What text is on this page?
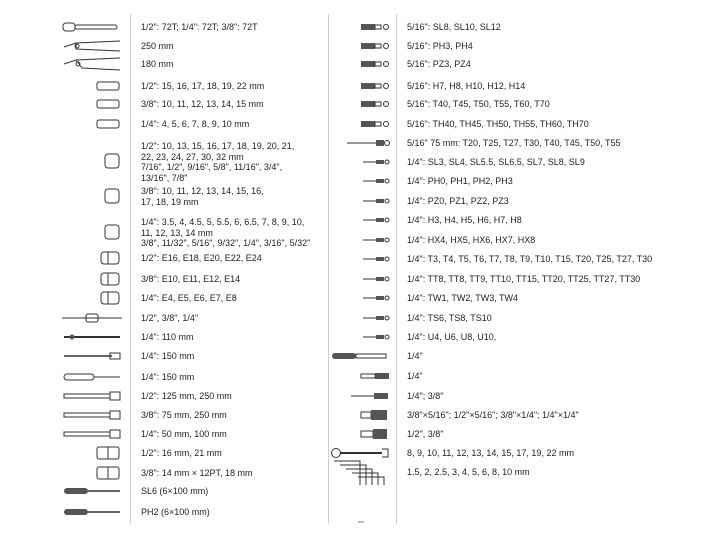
1/2": 72T; 1/4": 72T; 3/8": 72T
250 mm
180 mm
1/2": 15, 16, 17, 18, 19, 22 mm
3/8": 10, 11, 12, 13, 14, 15 mm
1/4": 4, 5, 6, 7, 8, 9, 10 mm
1/2": 10, 13, 15, 16, 17, 18, 19, 20, 21,
22, 23, 24, 27, 30, 32 mm
7/16", 1/2", 9/16", 5/8", 11/16", 3/4",
13/16", 7/8"
3/8": 10, 11, 12, 13, 14, 15, 16,
17, 18, 19 mm
1/4": 3.5, 4, 4.5, 5, 5.5, 6, 6.5, 7, 8, 9, 10,
11, 12, 13, 14 mm
3/8", 11/32", 5/16", 9/32", 1/4", 3/16", 5/32"
1/2": E16, E18, E20, E22, E24
3/8": E10, E11, E12, E14
1/4": E4, E5, E6, E7, E8
1/2", 3/8", 1/4"
1/4": 110 mm
1/4": 150 mm
1/4": 150 mm
1/2": 125 mm, 250 mm
3/8": 75 mm, 250 mm
1/4": 50 mm, 100 mm
1/2": 16 mm, 21 mm
3/8": 14 mm × 12PT, 18 mm
SL6 (6×100 mm)
PH2 (6×100 mm)
5/16": SL8, SL10, SL12
5/16": PH3, PH4
5/16": PZ3, PZ4
5/16": H7, H8, H10, H12, H14
5/16": T40, T45, T50, T55, T60, T70
5/16": TH40, TH45, TH50, TH55, TH60, TH70
5/16" 75 mm: T20, T25, T27, T30, T40, T45, T50, T55
1/4": SL3, SL4, SL5.5, SL6.5, SL7, SL8, SL9
1/4": PH0, PH1, PH2, PH3
1/4": PZ0, PZ1, PZ2, PZ3
1/4": H3, H4, H5, H6, H7, H8
1/4": HX4, HX5, HX6, HX7, HX8
1/4": T3, T4, T5, T6, T7, T8, T9, T10, T15, T20, T25, T27, T30
1/4": TT8, TT8, TT9, TT10, TT15, TT20, TT25, TT27, TT30
1/4": TW1, TW2, TW3, TW4
1/4": TS6, TS8, TS10
1/4": U4, U6, U8, U10,
1/4"
1/4"
1/4"; 3/8"
3/8"×5/16"; 1/2"×5/16"; 3/8"×1/4"; 1/4"×1/4"
1/2", 3/8"
8, 9, 10, 11, 12, 13, 14, 15, 17, 19, 22 mm
1.5, 2, 2.5, 3, 4, 5, 6, 8, 10 mm
